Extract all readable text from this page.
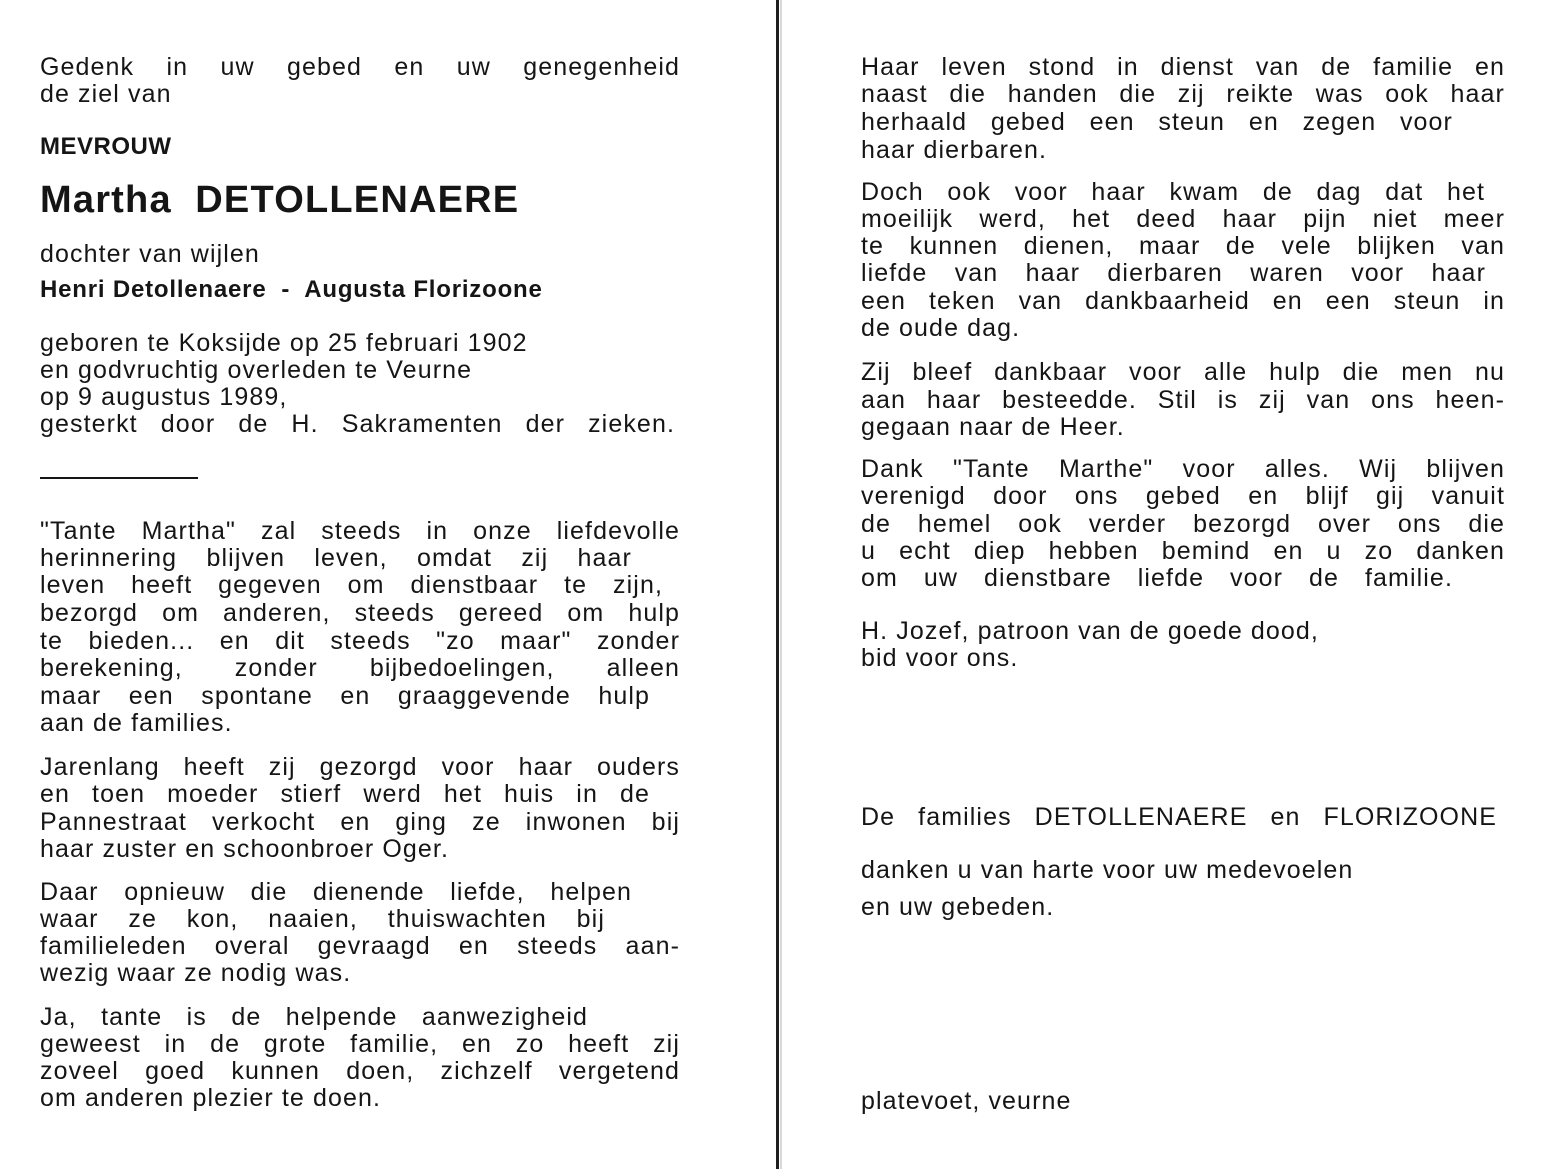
Gedenk in uw gebed en uw genegenheid
de ziel van
MEVROUW
Martha  DETOLLENAERE
dochter van wijlen
Henri Detollenaere  -  Augusta Florizoone
geboren te Koksijde op 25 februari 1902
en godvruchtig overleden te Veurne
op 9 augustus 1989,
gesterkt door de H. Sakramenten der zieken.
"Tante Martha" zal steeds in onze liefdevolle
herinnering blijven leven, omdat zij haar
leven heeft gegeven om dienstbaar te zijn,
bezorgd om anderen, steeds gereed om hulp
te bieden... en dit steeds "zo maar" zonder
berekening, zonder bijbedoelingen, alleen
maar een spontane en graaggevende hulp
aan de families.
Jarenlang heeft zij gezorgd voor haar ouders
en toen moeder stierf werd het huis in de
Pannestraat verkocht en ging ze inwonen bij
haar zuster en schoonbroer Oger.
Daar opnieuw die dienende liefde, helpen
waar ze kon, naaien, thuiswachten bij
familieleden overal gevraagd en steeds aan-
wezig waar ze nodig was.
Ja, tante is de helpende aanwezigheid
geweest in de grote familie, en zo heeft zij
zoveel goed kunnen doen, zichzelf vergetend
om anderen plezier te doen.
Haar leven stond in dienst van de familie en
naast die handen die zij reikte was ook haar
herhaald gebed een steun en zegen voor
haar dierbaren.
Doch ook voor haar kwam de dag dat het
moeilijk werd, het deed haar pijn niet meer
te kunnen dienen, maar de vele blijken van
liefde van haar dierbaren waren voor haar
een teken van dankbaarheid en een steun in
de oude dag.
Zij bleef dankbaar voor alle hulp die men nu
aan haar besteedde. Stil is zij van ons heen-
gegaan naar de Heer.
Dank "Tante Marthe" voor alles. Wij blijven
verenigd door ons gebed en blijf gij vanuit
de hemel ook verder bezorgd over ons die
u echt diep hebben bemind en u zo danken
om uw dienstbare liefde voor de familie.
H. Jozef, patroon van de goede dood,
bid voor ons.
De families DETOLLENAERE en FLORIZOONE
danken u van harte voor uw medevoelen
en uw gebeden.
platevoet, veurne
